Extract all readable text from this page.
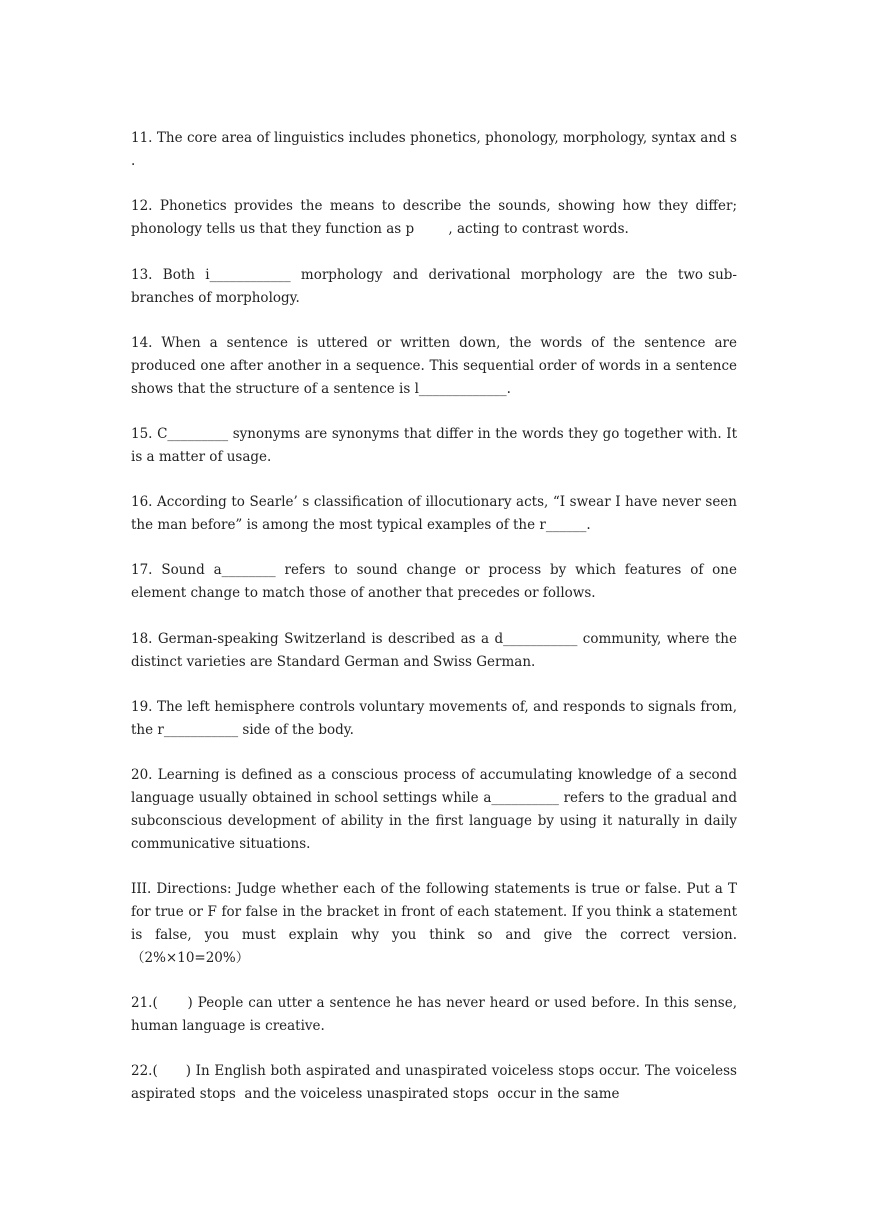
11. The core area of linguistics includes phonetics, phonology, morphology, syntax and s                .

12. Phonetics provides the means to describe the sounds, showing how they differ; phonology tells us that they function as p        , acting to contrast words.

13.  Both  i____________  morphology  and  derivational  morphology  are  the  two sub-branches of morphology.

14. When a sentence is uttered or written down, the words of the sentence are produced one after another in a sequence. This sequential order of words in a sentence shows that the structure of a sentence is l_____________.

15. C_________ synonyms are synonyms that differ in the words they go together with. It is a matter of usage.

16. According to Searle’ s classification of illocutionary acts, “I swear I have never seen the man before” is among the most typical examples of the r______.

17. Sound a________ refers to sound change or process by which features of one element change to match those of another that precedes or follows.

18. German-speaking Switzerland is described as a d___________ community, where the distinct varieties are Standard German and Swiss German.

19. The left hemisphere controls voluntary movements of, and responds to signals from, the r___________ side of the body.

20. Learning is defined as a conscious process of accumulating knowledge of a second language usually obtained in school settings while a__________ refers to the gradual and subconscious development of ability in the first language by using it naturally in daily communicative situations.

III. Directions: Judge whether each of the following statements is true or false. Put a T for true or F for false in the bracket in front of each statement. If you think a statement is false, you must explain why you think so and give the correct version. （2%×10=20%）

21.(      ) People can utter a sentence he has never heard or used before. In this sense, human language is creative.

22.(      ) In English both aspirated and unaspirated voiceless stops occur. The voiceless aspirated stops  and the voiceless unaspirated stops  occur in the same
